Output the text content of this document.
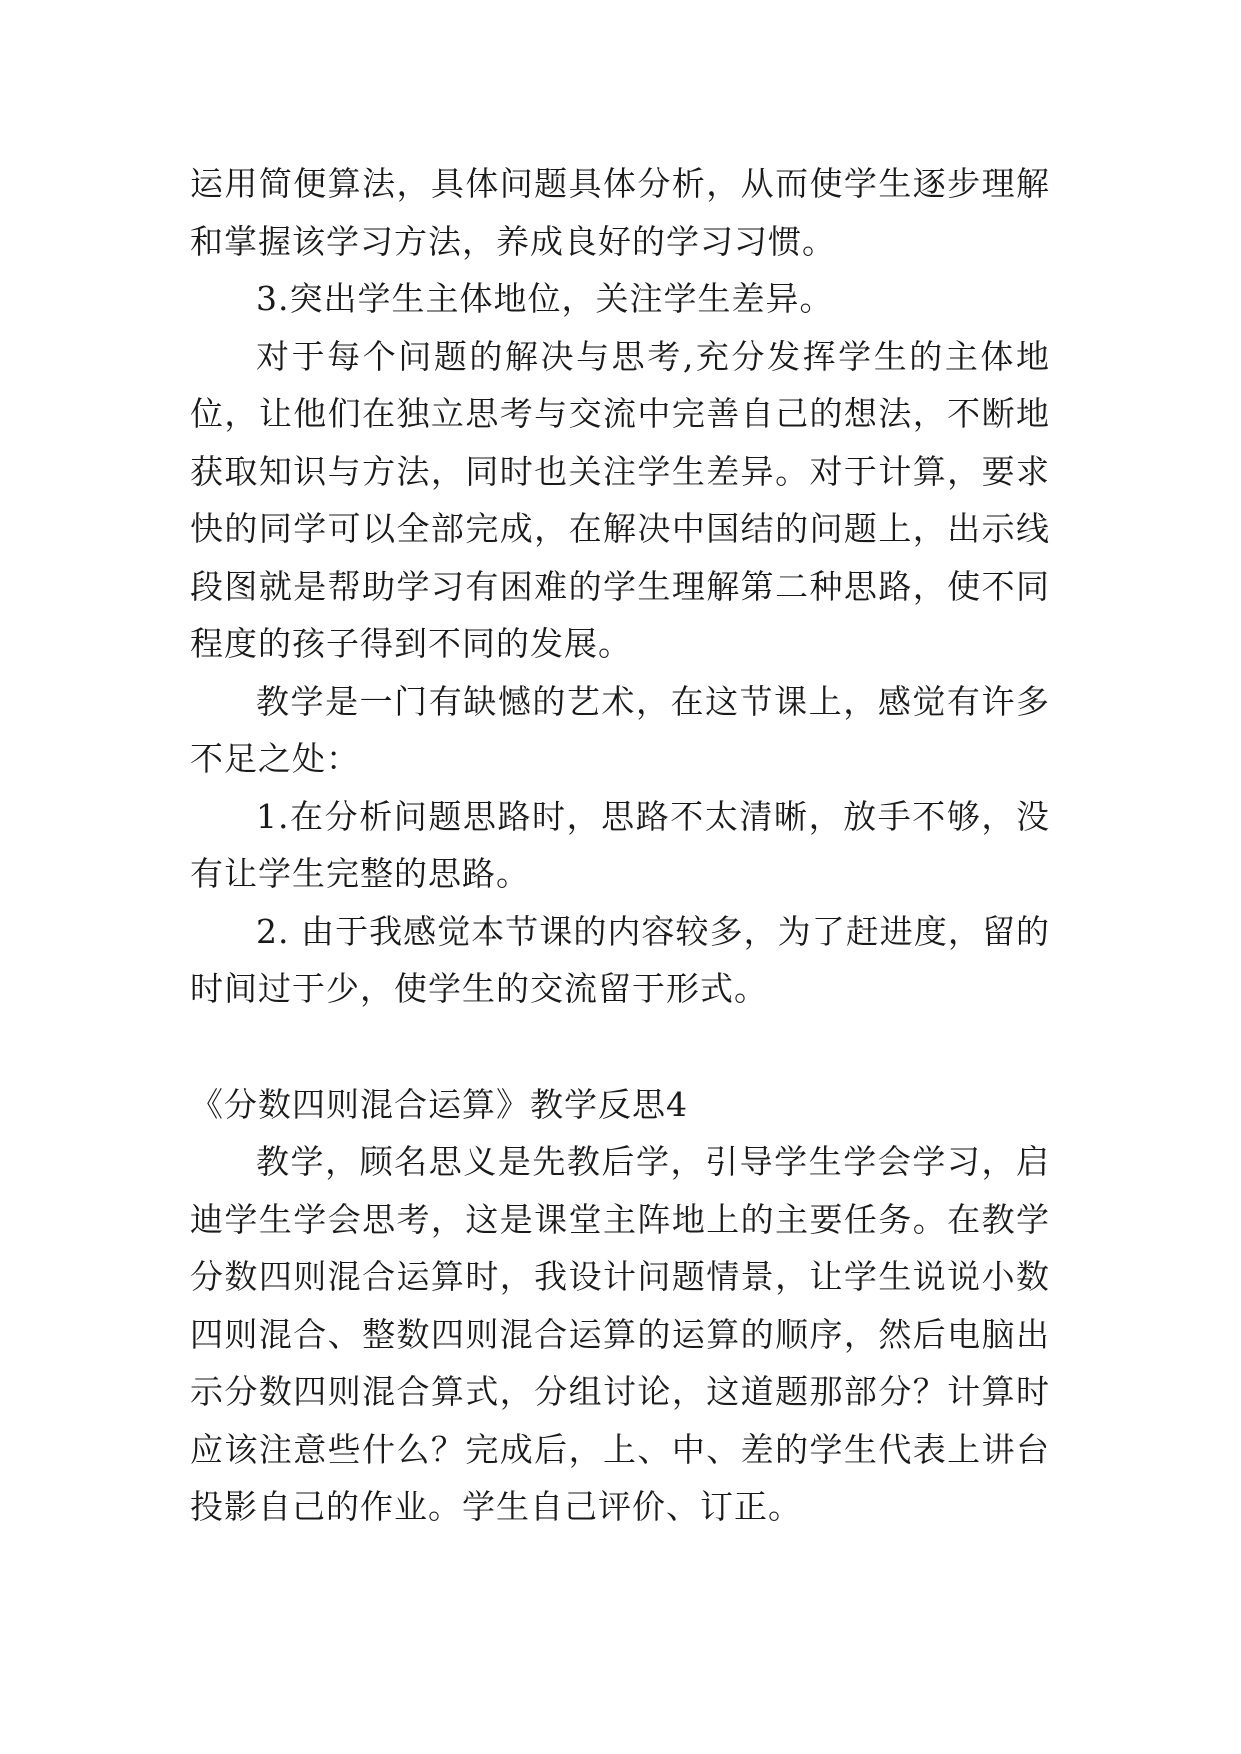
运用简便算法，具体问题具体分析，从而使学生逐步理解和掌握该学习方法，养成良好的学习习惯。

3.突出学生主体地位，关注学生差异。

对于每个问题的解决与思考,充分发挥学生的主体地位，让他们在独立思考与交流中完善自己的想法，不断地获取知识与方法，同时也关注学生差异。对于计算，要求快的同学可以全部完成，在解决中国结的问题上，出示线段图就是帮助学习有困难的学生理解第二种思路，使不同程度的孩子得到不同的发展。

教学是一门有缺憾的艺术，在这节课上，感觉有许多不足之处：

1.在分析问题思路时，思路不太清晰，放手不够，没有让学生完整的思路。

2. 由于我感觉本节课的内容较多，为了赶进度，留的时间过于少，使学生的交流留于形式。

《分数四则混合运算》教学反思4

教学，顾名思义是先教后学，引导学生学会学习，启迪学生学会思考，这是课堂主阵地上的主要任务。在教学分数四则混合运算时，我设计问题情景，让学生说说小数四则混合、整数四则混合运算的运算的顺序，然后电脑出示分数四则混合算式，分组讨论，这道题那部分？计算时应该注意些什么？完成后，上、中、差的学生代表上讲台投影自己的作业。学生自己评价、订正。
